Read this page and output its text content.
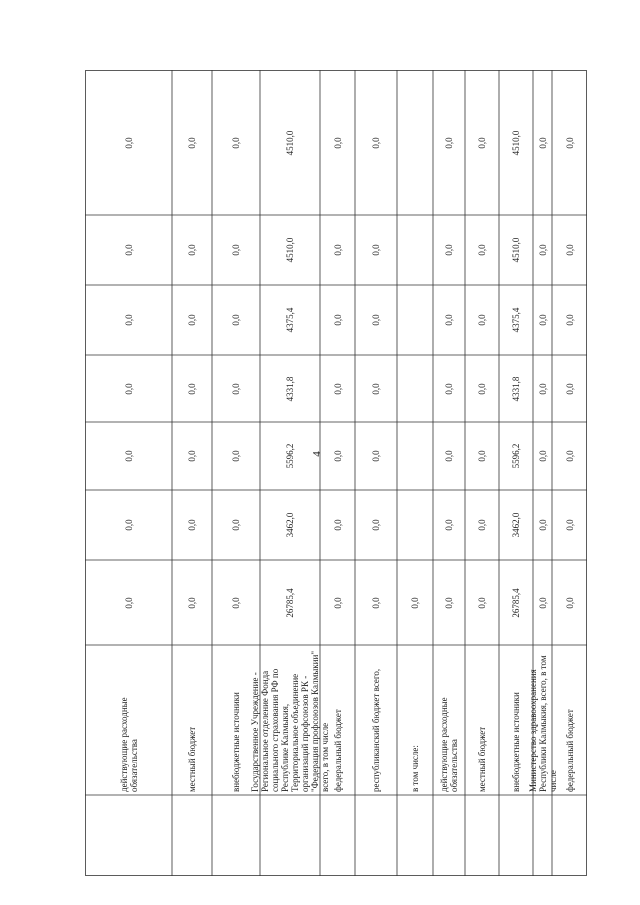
4
действующие расходные обязательства
0,0
0,0
0,0
0,0
0,0
0,0
0,0
местный бюджет
0,0
0,0
0,0
0,0
0,0
0,0
0,0
внебюджетные источники
0,0
0,0
0,0
0,0
0,0
0,0
0,0
Государственное Учреждение - Региональное отделение Фонда социального страхования РФ по Республике Калмыкия, Территориальное объединение организаций профсоюзов РК - "Федерация профсоюзов Калмыкии" всего, в том числе
26785,4
3462,0
5596,2
4331,8
4375,4
4510,0
4510,0
федеральный бюджет
0,0
0,0
0,0
0,0
0,0
0,0
0,0
республиканский бюджет всего,
0,0
0,0
0,0
0,0
0,0
0,0
0,0
в том числе:
0,0
действующие расходные обязательства
0,0
0,0
0,0
0,0
0,0
0,0
0,0
местный бюджет
0,0
0,0
0,0
0,0
0,0
0,0
0,0
внебюджетные источники
26785,4
3462,0
5596,2
4331,8
4375,4
4510,0
4510,0
Министерство здравоохранения Республики Калмыкия, всего, в том числе
0,0
0,0
0,0
0,0
0,0
0,0
0,0
федеральный бюджет
0,0
0,0
0,0
0,0
0,0
0,0
0,0
